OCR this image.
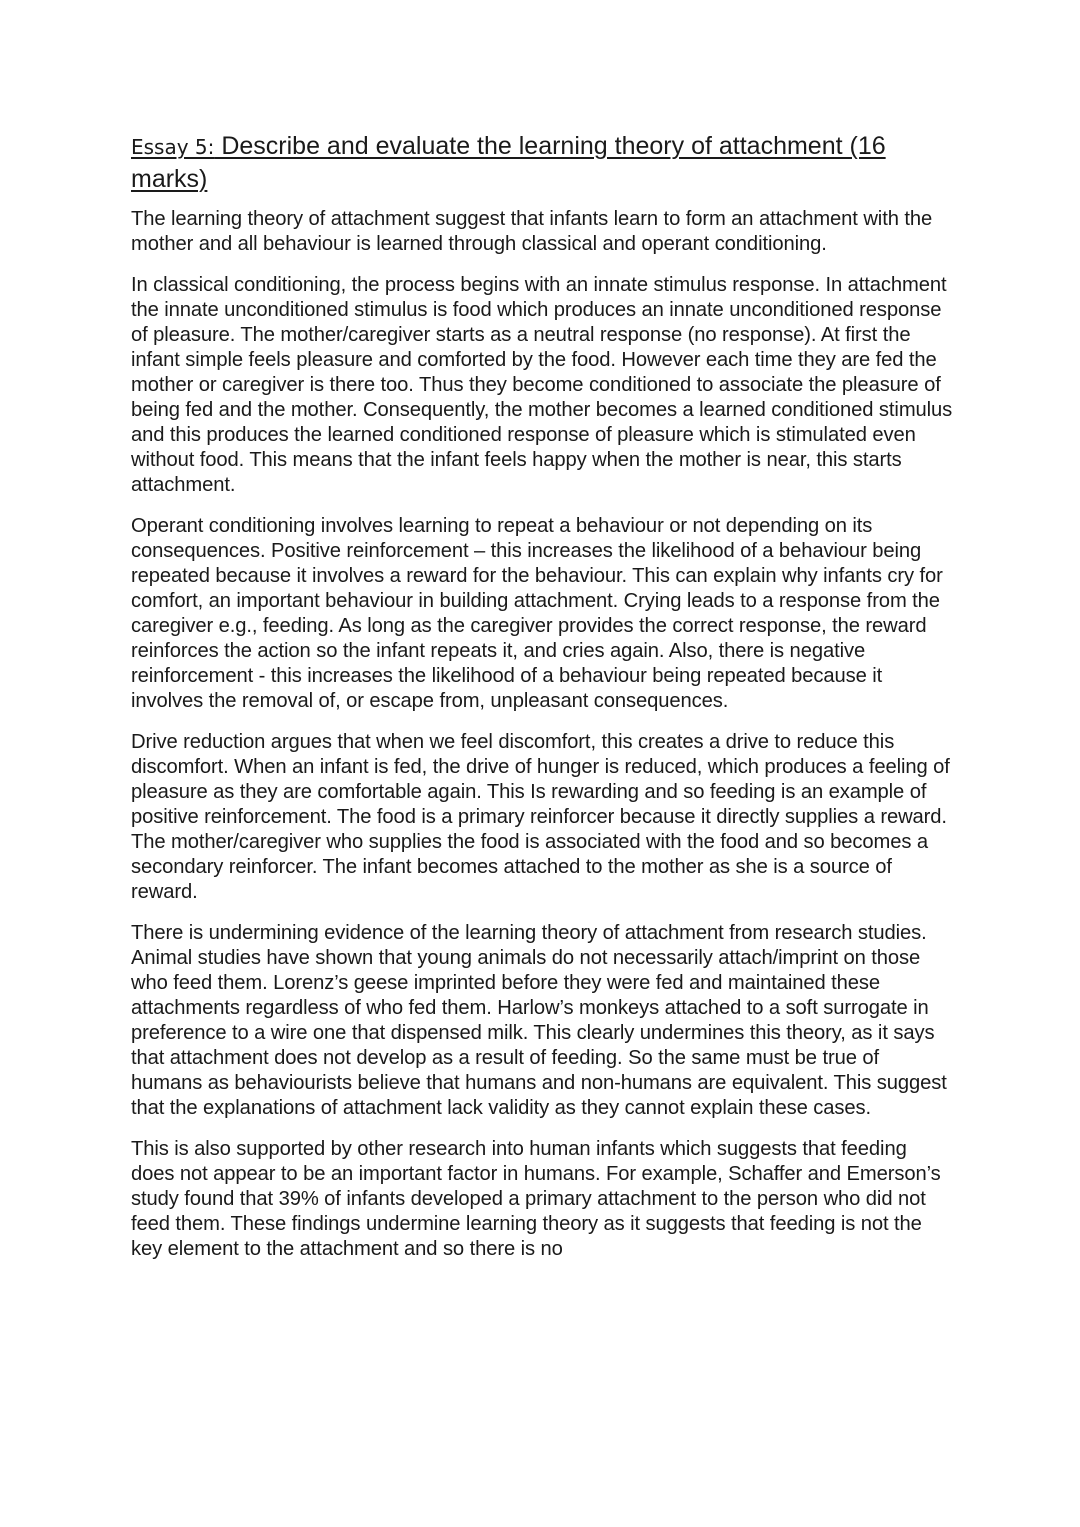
Essay 5: Describe and evaluate the learning theory of attachment (16 marks)

The learning theory of attachment suggest that infants learn to form an attachment with the mother and all behaviour is learned through classical and operant conditioning.

In classical conditioning, the process begins with an innate stimulus response. In attachment the innate unconditioned stimulus is food which produces an innate unconditioned response of pleasure. The mother/caregiver starts as a neutral response (no response). At first the infant simple feels pleasure and comforted by the food. However each time they are fed the mother or caregiver is there too. Thus they become conditioned to associate the pleasure of being fed and the mother. Consequently, the mother becomes a learned conditioned stimulus and this produces the learned conditioned response of pleasure which is stimulated even without food. This means that the infant feels happy when the mother is near, this starts attachment.

Operant conditioning involves learning to repeat a behaviour or not depending on its consequences. Positive reinforcement – this increases the likelihood of a behaviour being repeated because it involves a reward for the behaviour. This can explain why infants cry for comfort, an important behaviour in building attachment. Crying leads to a response from the caregiver e.g., feeding. As long as the caregiver provides the correct response, the reward reinforces the action so the infant repeats it, and cries again. Also, there is negative reinforcement - this increases the likelihood of a behaviour being repeated because it involves the removal of, or escape from, unpleasant consequences.

Drive reduction argues that when we feel discomfort, this creates a drive to reduce this discomfort. When an infant is fed, the drive of hunger is reduced, which produces a feeling of pleasure as they are comfortable again. This Is rewarding and so feeding is an example of positive reinforcement. The food is a primary reinforcer because it directly supplies a reward. The mother/caregiver who supplies the food is associated with the food and so becomes a secondary reinforcer. The infant becomes attached to the mother as she is a source of reward.

There is undermining evidence of the learning theory of attachment from research studies. Animal studies have shown that young animals do not necessarily attach/imprint on those who feed them. Lorenz’s geese imprinted before they were fed and maintained these attachments regardless of who fed them. Harlow’s monkeys attached to a soft surrogate in preference to a wire one that dispensed milk. This clearly undermines this theory, as it says that attachment does not develop as a result of feeding. So the same must be true of humans as behaviourists believe that humans and non-humans are equivalent. This suggest that the explanations of attachment lack validity as they cannot explain these cases.

This is also supported by other research into human infants which suggests that feeding does not appear to be an important factor in humans. For example, Schaffer and Emerson’s study found that 39% of infants developed a primary attachment to the person who did not feed them. These findings undermine learning theory as it suggests that feeding is not the key element to the attachment and so there is no
